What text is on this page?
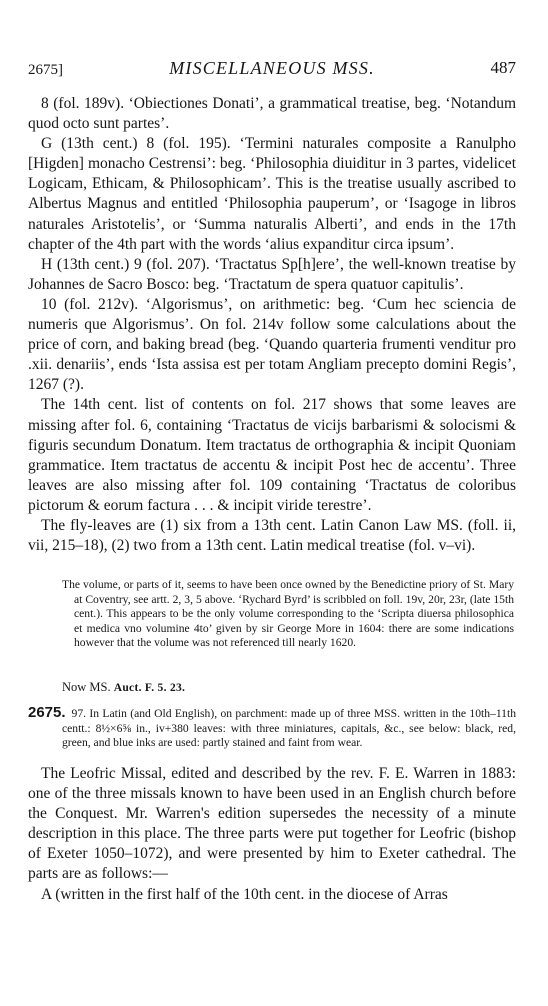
2675]	MISCELLANEOUS MSS.	487

8 (fol. 189v). ‘Obiectiones Donati’, a grammatical treatise, beg. ‘Notandum quod octo sunt partes’.

G (13th cent.) 8 (fol. 195). ‘Termini naturales composite a Ranulpho [Higden] monacho Cestrensi’: beg. ‘Philosophia diuiditur in 3 partes, videlicet Logicam, Ethicam, & Philosophicam’. This is the treatise usually ascribed to Albertus Magnus and entitled ‘Philosophia pauperum’, or ‘Isagoge in libros naturales Aristotelis’, or ‘Summa naturalis Alberti’, and ends in the 17th chapter of the 4th part with the words ‘alius expanditur circa ipsum’.

H (13th cent.) 9 (fol. 207). ‘Tractatus Sp[h]ere’, the well-known treatise by Johannes de Sacro Bosco: beg. ‘Tractatum de spera quatuor capitulis’.

10 (fol. 212v). ‘Algorismus’, on arithmetic: beg. ‘Cum hec sciencia de numeris que Algorismus’. On fol. 214v follow some calculations about the price of corn, and baking bread (beg. ‘Quando quarteria frumenti venditur pro .xii. denariis’, ends ‘Ista assisa est per totam Angliam precepto domini Regis’, 1267 (?).

The 14th cent. list of contents on fol. 217 shows that some leaves are missing after fol. 6, containing ‘Tractatus de vicijs barbarismi & solocismi & figuris secundum Donatum. Item tractatus de orthographia & incipit Quoniam grammatice. Item tractatus de accentu & incipit Post hec de accentu’. Three leaves are also missing after fol. 109 containing ‘Tractatus de coloribus pictorum & eorum factura . . . & incipit viride terestre’.

The fly-leaves are (1) six from a 13th cent. Latin Canon Law MS. (foll. ii, vii, 215–18), (2) two from a 13th cent. Latin medical treatise (fol. v–vi).

The volume, or parts of it, seems to have been once owned by the Benedictine priory of St. Mary at Coventry, see artt. 2, 3, 5 above. ‘Rychard Byrd’ is scribbled on foll. 19v, 20r, 23r, (late 15th cent.). This appears to be the only volume corresponding to the ‘Scripta diuersa philosophica et medica vno volumine 4to’ given by sir George More in 1604: there are some indications however that the volume was not referenced till nearly 1620.

Now MS. Auct. F. 5. 23.

2675. 97. In Latin (and Old English), on parchment: made up of three MSS. written in the 10th–11th centt.: 8½×6⅝ in., iv+380 leaves: with three miniatures, capitals, &c., see below: black, red, green, and blue inks are used: partly stained and faint from wear.

The Leofric Missal, edited and described by the rev. F. E. Warren in 1883: one of the three missals known to have been used in an English church before the Conquest. Mr. Warren's edition supersedes the necessity of a minute description in this place. The three parts were put together for Leofric (bishop of Exeter 1050–1072), and were presented by him to Exeter cathedral. The parts are as follows:—

A (written in the first half of the 10th cent. in the diocese of Arras
